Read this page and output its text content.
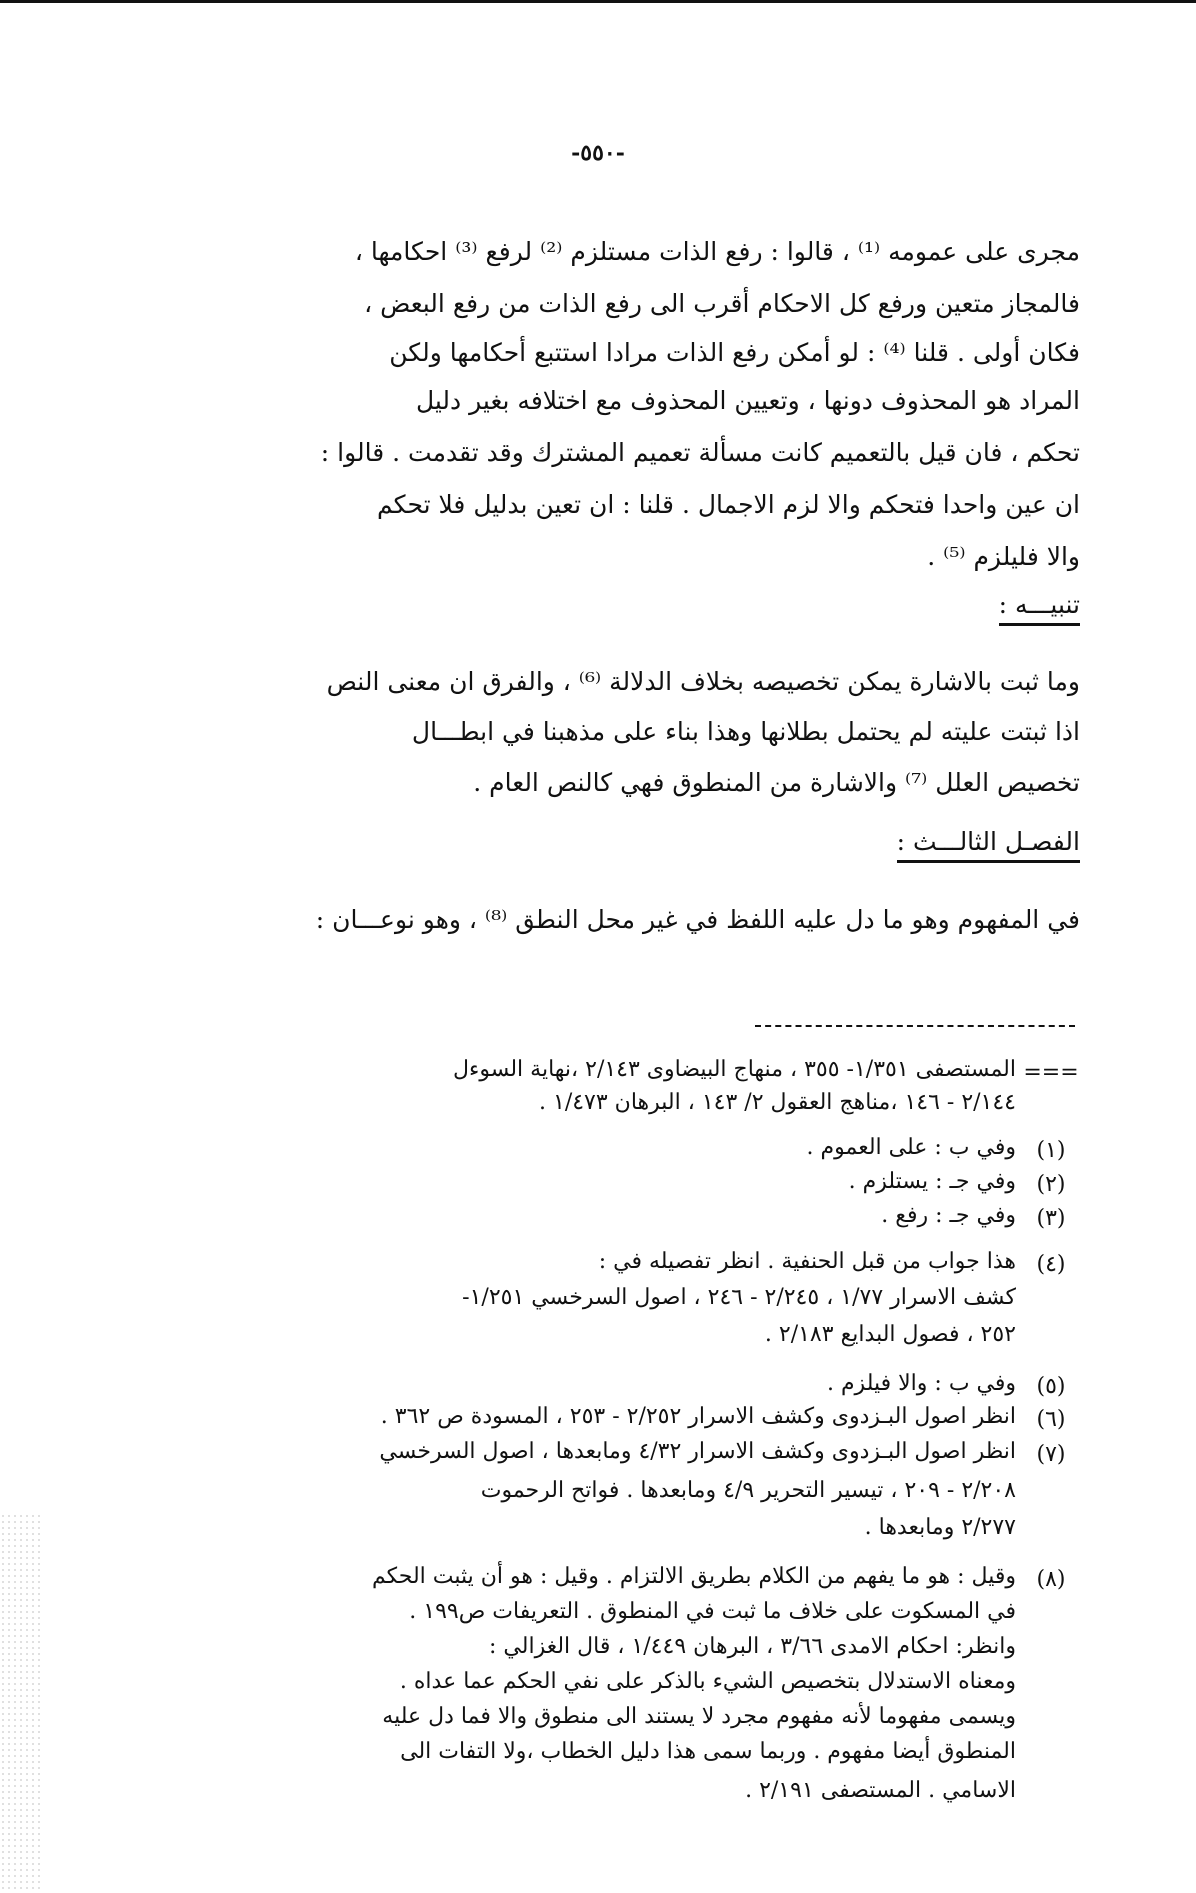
-٥٥٠-
مجرى على عمومه ⁽¹⁾ ، قالوا : رفع الذات مستلزم ⁽²⁾ لرفع ⁽³⁾ احكامها ،
فالمجاز متعين ورفع كل الاحكام أقرب الى رفع الذات من رفع البعض ،
فكان أولى . قلنا ⁽⁴⁾ : لو أمكن رفع الذات مرادا استتبع أحكامها ولكن
المراد هو المحذوف دونها ، وتعيين المحذوف مع اختلافه بغير دليل
تحكم ، فان قيل بالتعميم كانت مسألة تعميم المشترك وقد تقدمت . قالوا :
ان عين واحدا فتحكم والا لزم الاجمال . قلنا : ان تعين بدليل فلا تحكم
والا فليلزم ⁽⁵⁾ .
تنبيـــه :
وما ثبت بالاشارة يمكن تخصيصه بخلاف الدلالة ⁽⁶⁾ ، والفرق ان معنى النص
اذا ثبتت عليته لم يحتمل بطلانها وهذا بناء على مذهبنا في ابطـــال
تخصيص العلل ⁽⁷⁾ والاشارة من المنطوق فهي كالنص العام .
الفصـل الثالـــث :
في المفهوم وهو ما دل عليه اللفظ في غير محل النطق ⁽⁸⁾ ، وهو نوعـــان :
===
المستصفى ١/٣٥١- ٣٥٥ ، منهاج البيضاوى ٢/١٤٣ ،نهاية السوءل
٢/١٤٤ - ١٤٦ ،مناهج العقول ٢/ ١٤٣ ، البرهان ١/٤٧٣ .
(١)
وفي ب : على العموم .
(٢)
وفي جـ : يستلزم .
(٣)
وفي جـ : رفع .
(٤)
هذا جواب من قبل الحنفية . انظر تفصيله في :
كشف الاسرار ١/٧٧ ، ٢/٢٤٥ - ٢٤٦ ، اصول السرخسي ١/٢٥١-
٢٥٢ ، فصول البدايع ٢/١٨٣ .
(٥)
وفي ب : والا فيلزم .
(٦)
انظر اصول البـزدوى وكشف الاسرار ٢/٢٥٢ - ٢٥٣ ، المسودة ص ٣٦٢ .
(٧)
انظر اصول البـزدوى وكشف الاسرار ٤/٣٢ ومابعدها ، اصول السرخسي
٢/٢٠٨ - ٢٠٩ ، تيسير التحرير ٤/٩ ومابعدها . فواتح الرحموت
٢/٢٧٧ ومابعدها .
(٨)
وقيل : هو ما يفهم من الكلام بطريق الالتزام . وقيل : هو أن يثبت الحكم
في المسكوت على خلاف ما ثبت في المنطوق . التعريفات ص١٩٩ .
وانظر: احكام الامدى ٣/٦٦ ، البرهان ١/٤٤٩ ، قال الغزالي :
ومعناه الاستدلال بتخصيص الشيء بالذكر على نفي الحكم عما عداه .
ويسمى مفهوما لأنه مفهوم مجرد لا يستند الى منطوق والا فما دل عليه
المنطوق أيضا مفهوم . وربما سمى هذا دليل الخطاب ،ولا التفات الى
الاسامي . المستصفى ٢/١٩١ .
